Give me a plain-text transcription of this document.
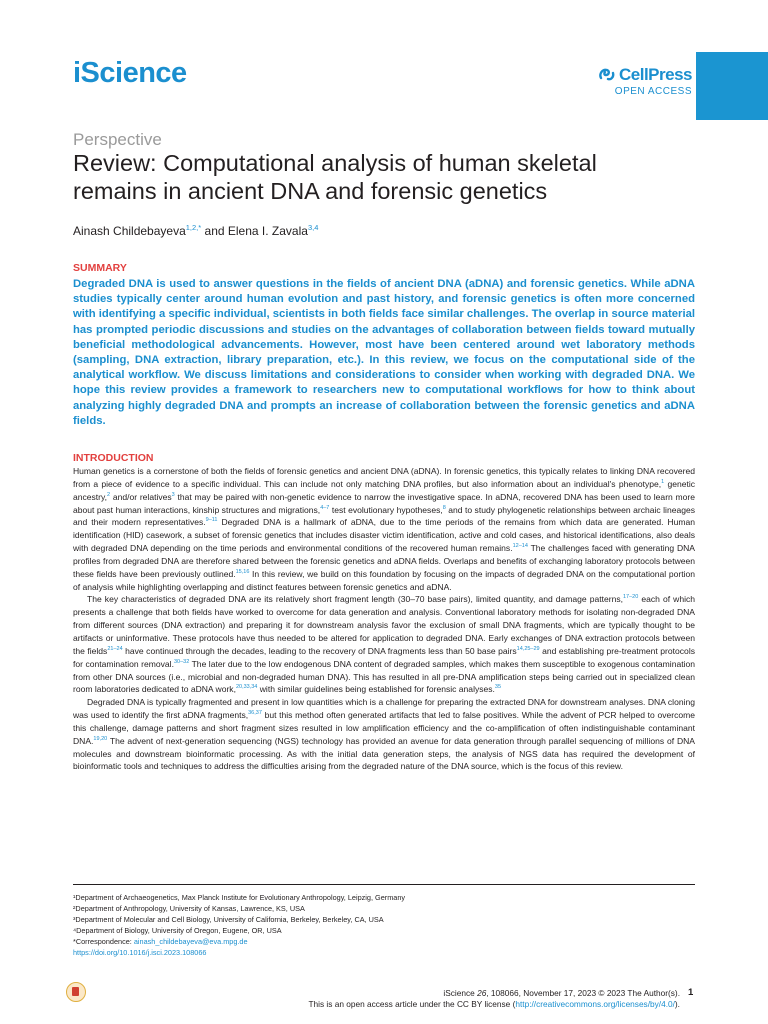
iScience	CellPress
OPEN ACCESS
Perspective
Review: Computational analysis of human skeletal remains in ancient DNA and forensic genetics
Ainash Childebayeva$^{1,2,*}$ and Elena I. Zavala$^{3,4}$
SUMMARY
Degraded DNA is used to answer questions in the fields of ancient DNA (aDNA) and forensic genetics. While aDNA studies typically center around human evolution and past history, and forensic genetics is often more concerned with identifying a specific individual, scientists in both fields face similar challenges. The overlap in source material has prompted periodic discussions and studies on the advantages of collaboration between fields toward mutually beneficial methodological advancements. However, most have been centered around wet laboratory methods (sampling, DNA extraction, library preparation, etc.). In this review, we focus on the computational side of the analytical workflow. We discuss limitations and considerations to consider when working with degraded DNA. We hope this review provides a framework to researchers new to computational workflows for how to think about analyzing highly degraded DNA and prompts an increase of collaboration between the forensic genetics and aDNA fields.
INTRODUCTION

Human genetics is a cornerstone of both the fields of forensic genetics and ancient DNA (aDNA). In forensic genetics, this typically relates to linking DNA recovered from a piece of evidence to a specific individual. This can include not only matching DNA profiles, but also information about an individual's phenotype,$^1$ genetic ancestry,$^2$ and/or relatives$^3$ that may be paired with non-genetic evidence to narrow the investigative space. In aDNA, recovered DNA has been used to learn more about past human interactions, kinship structures and migrations,$^{4-7}$ test evolutionary hypotheses,$^8$ and to study phylogenetic relationships between archaic lineages and their modern representatives.$^{9-11}$ Degraded DNA is a hallmark of aDNA, due to the time periods of the remains from which data are generated. Human identification (HID) casework, a subset of forensic genetics that includes disaster victim identification, active and cold cases, and historical identifications, also deals with degraded DNA depending on the time periods and environmental conditions of the recovered human remains.$^{12-14}$ The challenges faced with generating DNA profiles from degraded DNA are therefore shared between the forensic genetics and aDNA fields. Overlaps and benefits of exchanging laboratory protocols between these fields have been previously outlined.$^{15,16}$ In this review, we build on this foundation by focusing on the impacts of degraded DNA on the computational portion of analysis while highlighting overlapping and distinct features between forensic genetics and aDNA.

The key characteristics of degraded DNA are its relatively short fragment length (30–70 base pairs), limited quantity, and damage patterns,$^{17-20}$ each of which presents a challenge that both fields have worked to overcome for data generation and analysis. Conventional laboratory methods for isolating non-degraded DNA from different sources (DNA extraction) and preparing it for downstream analysis favor the exclusion of small DNA fragments, which are typically thought to be artifacts or uninformative. These protocols have thus needed to be altered for application to degraded DNA. Early exchanges of DNA extraction protocols between the fields$^{21-24}$ have continued through the decades, leading to the recovery of DNA fragments less than 50 base pairs$^{14,25-29}$ and establishing pre-treatment protocols for contamination removal.$^{30-32}$ The later due to the low endogenous DNA content of degraded samples, which makes them susceptible to exogenous contamination from other DNA sources (i.e., microbial and non-degraded human DNA). This has resulted in all pre-DNA amplification steps being carried out in specialized clean room laboratories dedicated to aDNA work,$^{20,33,34}$ with similar guidelines being established for forensic analyses.$^{35}$

Degraded DNA is typically fragmented and present in low quantities which is a challenge for preparing the extracted DNA for downstream analyses. DNA cloning was used to identify the first aDNA fragments,$^{36,37}$ but this method often generated artifacts that led to false positives. While the advent of PCR helped to overcome this challenge, damage patterns and short fragment sizes resulted in low amplification efficiency and the co-amplification of often indistinguishable contaminant DNA.$^{19,20}$ The advent of next-generation sequencing (NGS) technology has provided an avenue for data generation through parallel sequencing of millions of DNA molecules and downstream bioinformatic processing. As with the initial data generation steps, the analysis of NGS data has required the development of bioinformatic tools and techniques to address the difficulties arising from the degraded nature of the DNA source, which is the focus of this review.

¹Department of Archaeogenetics, Max Planck Institute for Evolutionary Anthropology, Leipzig, Germany
²Department of Anthropology, University of Kansas, Lawrence, KS, USA
³Department of Molecular and Cell Biology, University of California, Berkeley, Berkeley, CA, USA
⁴Department of Biology, University of Oregon, Eugene, OR, USA
*Correspondence: ainash_childebayeva@eva.mpg.de
https://doi.org/10.1016/j.isci.2023.108066
iScience 26, 108066, November 17, 2023 © 2023 The Author(s).
This is an open access article under the CC BY license (http://creativecommons.org/licenses/by/4.0/).
1
